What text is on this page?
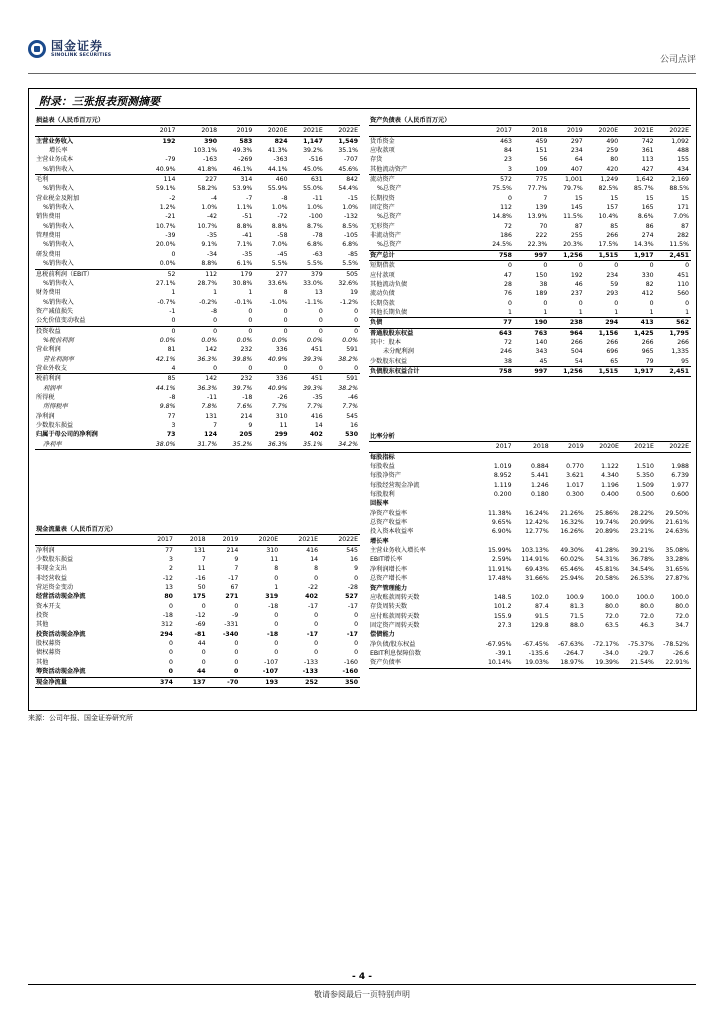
国金证券
SINOLINK SECURITIES	公司点评
附录：三张报表预测摘要
损益表（人民币百万元）						
	2017	2018	2019	2020E	2021E	2022E
主营业务收入	192	390	583	824	1,147	1,549
增长率		103.1%	49.3%	41.3%	39.2%	35.1%
主营业务成本	-79	-163	-269	-363	-516	-707
%销售收入	40.9%	41.8%	46.1%	44.1%	45.0%	45.6%
毛利	114	227	314	460	631	842
%销售收入	59.1%	58.2%	53.9%	55.9%	55.0%	54.4%
营业税金及附加	-2	-4	-7	-8	-11	-15
%销售收入	1.2%	1.0%	1.1%	1.0%	1.0%	1.0%
销售费用	-21	-42	-51	-72	-100	-132
%销售收入	10.7%	10.7%	8.8%	8.8%	8.7%	8.5%
管理费用	-39	-35	-41	-58	-78	-105
%销售收入	20.0%	9.1%	7.1%	7.0%	6.8%	6.8%
研发费用	0	-34	-35	-45	-63	-85
%销售收入	0.0%	8.8%	6.1%	5.5%	5.5%	5.5%
息税前利润（EBIT）	52	112	179	277	379	505
%销售收入	27.1%	28.7%	30.8%	33.6%	33.0%	32.6%
财务费用	1	1	1	8	13	19
%销售收入	-0.7%	-0.2%	-0.1%	-1.0%	-1.1%	-1.2%
资产减值损失	-1	-8	0	0	0	0
公允价值变动收益	0	0	0	0	0	0
投资收益	0	0	0	0	0	0
%税前利润	0.0%	0.0%	0.0%	0.0%	0.0%	0.0%
营业利润	81	142	232	336	451	591
营业利润率	42.1%	36.3%	39.8%	40.9%	39.3%	38.2%
营业外收支	4	0	0	0	0	0
税前利润	85	142	232	336	451	591
利润率	44.1%	36.3%	39.7%	40.9%	39.3%	38.2%
所得税	-8	-11	-18	-26	-35	-46
所得税率	9.8%	7.8%	7.6%	7.7%	7.7%	7.7%
净利润	77	131	214	310	416	545
少数股东损益	3	7	9	11	14	16
归属于母公司的净利润	73	124	205	299	402	530
净利率	38.0%	31.7%	35.2%	36.3%	35.1%	34.2%
现金流量表（人民币百万元）						
	2017	2018	2019	2020E	2021E	2022E
净利润	77	131	214	310	416	545
少数股东损益	3	7	9	11	14	16
非现金支出	2	11	7	8	8	9
非经营收益	-12	-16	-17	0	0	0
营运资金变动	13	50	67	1	-22	-28
经营活动现金净流	80	175	271	319	402	527
资本开支	0	0	0	-18	-17	-17
投资	-18	-12	-9	0	0	0
其他	312	-69	-331	0	0	0
投资活动现金净流	294	-81	-340	-18	-17	-17
股权募资	0	44	0	0	0	0
债权募资	0	0	0	0	0	0
其他	0	0	0	-107	-133	-160
筹资活动现金净流	0	44	0	-107	-133	-160
现金净流量	374	137	-70	193	252	350
资产负债表（人民币百万元）						
	2017	2018	2019	2020E	2021E	2022E
货币资金	463	459	297	490	742	1,092
应收款项	84	151	234	259	361	488
存货	23	56	64	80	113	155
其他流动资产	3	109	407	420	427	434
流动资产	572	775	1,001	1,249	1,642	2,169
%总资产	75.5%	77.7%	79.7%	82.5%	85.7%	88.5%
长期投资	0	7	15	15	15	15
固定资产	112	139	145	157	165	171
%总资产	14.8%	13.9%	11.5%	10.4%	8.6%	7.0%
无形资产	72	70	87	85	86	87
非流动资产	186	222	255	266	274	282
%总资产	24.5%	22.3%	20.3%	17.5%	14.3%	11.5%
资产总计	758	997	1,256	1,515	1,917	2,451
短期借款	0	0	0	0	0	0
应付款项	47	150	192	234	330	451
其他流动负债	28	38	46	59	82	110
流动负债	76	189	237	293	412	560
长期贷款	0	0	0	0	0	0
其他长期负债	1	1	1	1	1	1
负债	77	190	238	294	413	562
普通股股东权益	643	763	964	1,156	1,425	1,795
其中：股本	72	140	266	266	266	266
未分配利润	246	343	504	696	965	1,335
少数股东权益	38	45	54	65	79	95
负债股东权益合计	758	997	1,256	1,515	1,917	2,451
比率分析						
	2017	2018	2019	2020E	2021E	2022E
每股指标						
每股收益	1.019	0.884	0.770	1.122	1.510	1.988
每股净资产	8.952	5.441	3.621	4.340	5.350	6.739
每股经营现金净流	1.119	1.246	1.017	1.196	1.509	1.977
每股股利	0.200	0.180	0.300	0.400	0.500	0.600
回报率						
净资产收益率	11.38%	16.24%	21.26%	25.86%	28.22%	29.50%
总资产收益率	9.65%	12.42%	16.32%	19.74%	20.99%	21.61%
投入资本收益率	6.90%	12.77%	16.26%	20.89%	23.21%	24.63%
增长率						
主营业务收入增长率	15.99%	103.13%	49.30%	41.28%	39.21%	35.08%
EBIT增长率	2.59%	114.91%	60.02%	54.31%	36.78%	33.28%
净利润增长率	11.91%	69.43%	65.46%	45.81%	34.54%	31.65%
总资产增长率	17.48%	31.66%	25.94%	20.58%	26.53%	27.87%
资产管理能力						
应收账款周转天数	148.5	102.0	100.9	100.0	100.0	100.0
存货周转天数	101.2	87.4	81.3	80.0	80.0	80.0
应付账款周转天数	155.9	91.5	71.5	72.0	72.0	72.0
固定资产周转天数	27.3	129.8	88.0	63.5	46.3	34.7
偿债能力						
净负债/股东权益	-67.95%	-67.45%	-67.63%	-72.17%	-75.37%	-78.52%
EBIT利息保障倍数	-39.1	-135.6	-264.7	-34.0	-29.7	-26.6
资产负债率	10.14%	19.03%	18.97%	19.39%	21.54%	22.91%
来源：公司年报、国金证券研究所
- 4 -
敬请参阅最后一页特别声明
